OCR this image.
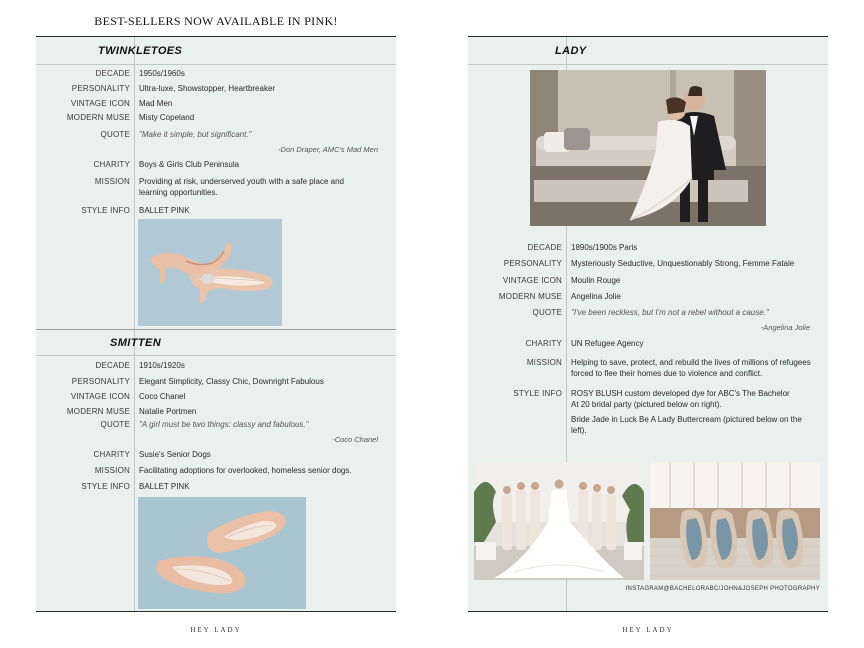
BEST-SELLERS NOW AVAILABLE IN PINK!
TWINKLETOES
DECADE 1950s/1960s
PERSONALITY Ultra-luxe, Showstopper, Heartbreaker
VINTAGE ICON Mad Men
MODERN MUSE Misty Copeland
QUOTE "Make it simple, but significant."
-Don Draper, AMC's Mad Men
CHARITY Boys & Girls Club Peninsula
MISSION Providing at risk, underserved youth with a safe place and learning opportunities.
STYLE INFO BALLET PINK
SMITTEN
DECADE 1910s/1920s
PERSONALITY Elegant Simplicity, Classy Chic, Downright Fabulous
VINTAGE ICON Coco Chanel
MODERN MUSE Natalie Portmen
QUOTE "A girl must be two things: classy and fabulous."
-Coco Chanel
CHARITY Susie's Senior Dogs
MISSION Facilitating adoptions for overlooked, homeless senior dogs.
STYLE INFO BALLET PINK
LADY
DECADE 1890s/1900s Paris
PERSONALITY Mysteriously Seductive, Unquestionably Strong, Femme Fatale
VINTAGE ICON Moulin Rouge
MODERN MUSE Angelina Jolie
QUOTE "I've been reckless, but I'm not a rebel without a cause."
-Angelina Jolie
CHARITY UN Refugee Agency
MISSION Helping to save, protect, and rebuild the lives of millions of refugees forced to flee their homes due to violence and conflict.
STYLE INFO ROSY BLUSH custom developed dye for ABC's The Bachelor At 20 bridal party (pictured below on right).
Bride Jade in Luck Be A Lady Buttercream (pictured below on the left).
INSTAGRAM@BACHELORABC/JOHN&JOSEPH PHOTOGRAPHY
HEY LADY	HEY LADY
